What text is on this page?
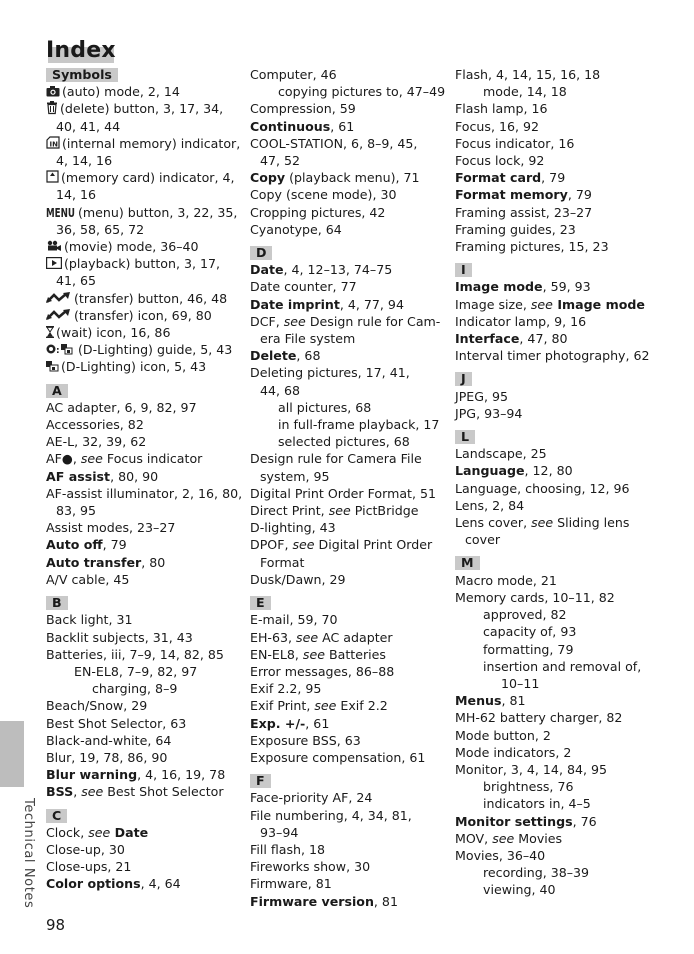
Index
Symbols
(auto) mode, 2, 14
(delete) button, 3, 17, 34,
40, 41, 44
IN (internal memory) indicator,
4, 14, 16
(memory card) indicator, 4,
14, 16
MENU (menu) button, 3, 22, 35,
36, 58, 65, 72
(movie) mode, 36–40
(playback) button, 3, 17,
41, 65
(transfer) button, 46, 48
(transfer) icon, 69, 80
(wait) icon, 16, 86
: (D-Lighting) guide, 5, 43
(D-Lighting) icon, 5, 43
A
AC adapter, 6, 9, 82, 97
Accessories, 82
AE-L, 32, 39, 62
AF●, see Focus indicator
AF assist, 80, 90
AF-assist illuminator, 2, 16, 80,
83, 95
Assist modes, 23–27
Auto off, 79
Auto transfer, 80
A/V cable, 45
B
Back light, 31
Backlit subjects, 31, 43
Batteries, iii, 7–9, 14, 82, 85
EN-EL8, 7–9, 82, 97
charging, 8–9
Beach/Snow, 29
Best Shot Selector, 63
Black-and-white, 64
Blur, 19, 78, 86, 90
Blur warning, 4, 16, 19, 78
BSS, see Best Shot Selector
C
Clock, see Date
Close-up, 30
Close-ups, 21
Color options, 4, 64
Computer, 46
copying pictures to, 47–49
Compression, 59
Continuous, 61
COOL-STATION, 6, 8–9, 45,
47, 52
Copy (playback menu), 71
Copy (scene mode), 30
Cropping pictures, 42
Cyanotype, 64
D
Date, 4, 12–13, 74–75
Date counter, 77
Date imprint, 4, 77, 94
DCF, see Design rule for Cam-
era File system
Delete, 68
Deleting pictures, 17, 41,
44, 68
all pictures, 68
in full-frame playback, 17
selected pictures, 68
Design rule for Camera File
system, 95
Digital Print Order Format, 51
Direct Print, see PictBridge
D-lighting, 43
DPOF, see Digital Print Order
Format
Dusk/Dawn, 29
E
E-mail, 59, 70
EH-63, see AC adapter
EN-EL8, see Batteries
Error messages, 86–88
Exif 2.2, 95
Exif Print, see Exif 2.2
Exp. +/-, 61
Exposure BSS, 63
Exposure compensation, 61
F
Face-priority AF, 24
File numbering, 4, 34, 81,
93–94
Fill flash, 18
Fireworks show, 30
Firmware, 81
Firmware version, 81
Flash, 4, 14, 15, 16, 18
mode, 14, 18
Flash lamp, 16
Focus, 16, 92
Focus indicator, 16
Focus lock, 92
Format card, 79
Format memory, 79
Framing assist, 23–27
Framing guides, 23
Framing pictures, 15, 23
I
Image mode, 59, 93
Image size, see Image mode
Indicator lamp, 9, 16
Interface, 47, 80
Interval timer photography, 62
J
JPEG, 95
JPG, 93–94
L
Landscape, 25
Language, 12, 80
Language, choosing, 12, 96
Lens, 2, 84
Lens cover, see Sliding lens
cover
M
Macro mode, 21
Memory cards, 10–11, 82
approved, 82
capacity of, 93
formatting, 79
insertion and removal of,
10–11
Menus, 81
MH-62 battery charger, 82
Mode button, 2
Mode indicators, 2
Monitor, 3, 4, 14, 84, 95
brightness, 76
indicators in, 4–5
Monitor settings, 76
MOV, see Movies
Movies, 36–40
recording, 38–39
viewing, 40
Technical Notes
98
